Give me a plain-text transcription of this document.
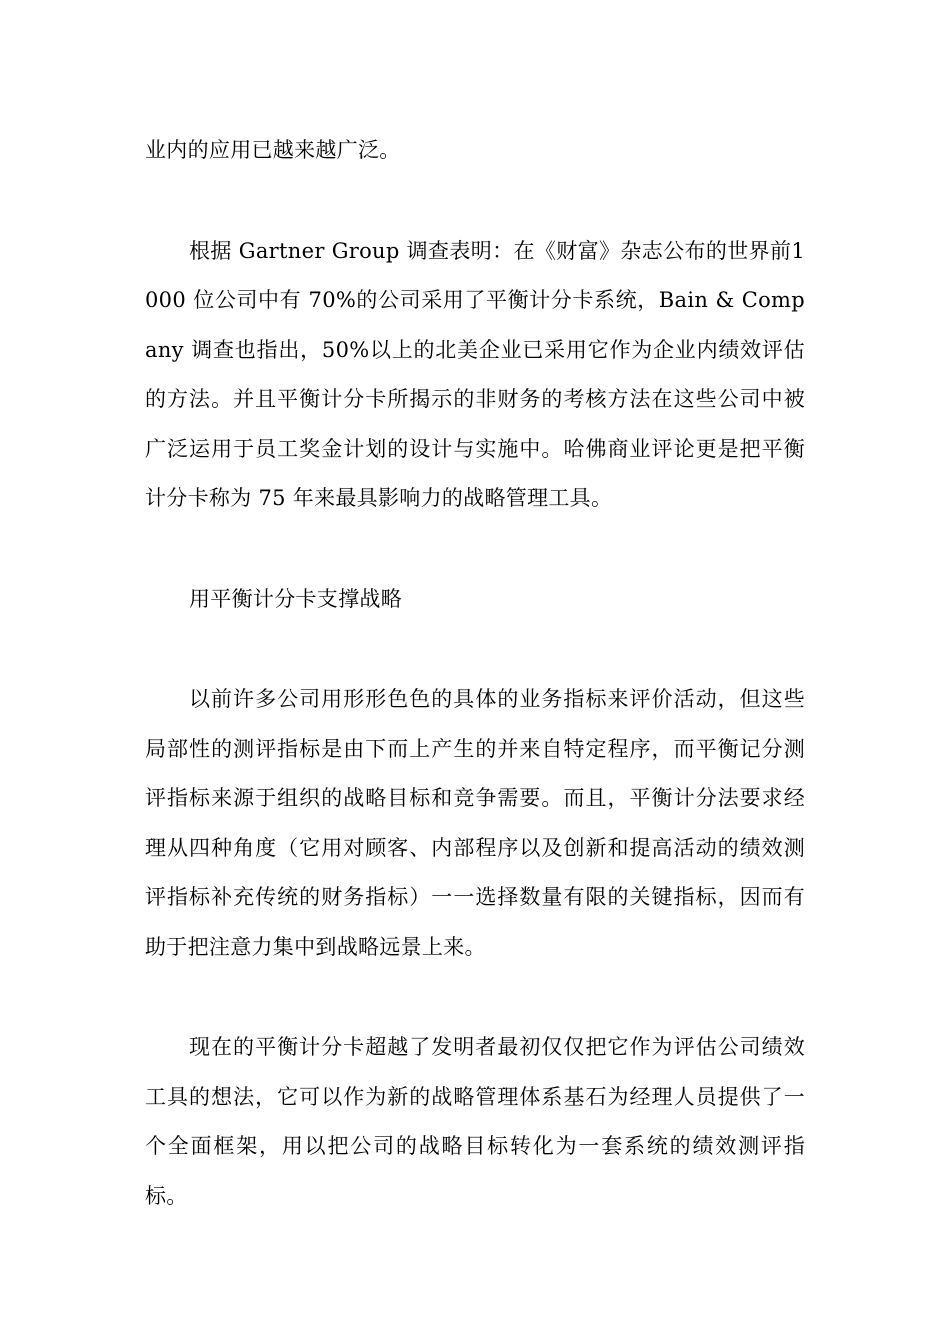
业内的应用已越来越广泛。

根据 Gartner Group 调查表明：在《财富》杂志公布的世界前1000 位公司中有 70%的公司采用了平衡计分卡系统，Bain & Company 调查也指出，50%以上的北美企业已采用它作为企业内绩效评估的方法。并且平衡计分卡所揭示的非财务的考核方法在这些公司中被广泛运用于员工奖金计划的设计与实施中。哈佛商业评论更是把平衡计分卡称为 75 年来最具影响力的战略管理工具。

用平衡计分卡支撑战略

以前许多公司用形形色色的具体的业务指标来评价活动，但这些局部性的测评指标是由下而上产生的并来自特定程序，而平衡记分测评指标来源于组织的战略目标和竞争需要。而且，平衡计分法要求经理从四种角度（它用对顾客、内部程序以及创新和提高活动的绩效测评指标补充传统的财务指标）一一选择数量有限的关键指标，因而有助于把注意力集中到战略远景上来。

现在的平衡计分卡超越了发明者最初仅仅把它作为评估公司绩效工具的想法，它可以作为新的战略管理体系基石为经理人员提供了一个全面框架，用以把公司的战略目标转化为一套系统的绩效测评指标。
